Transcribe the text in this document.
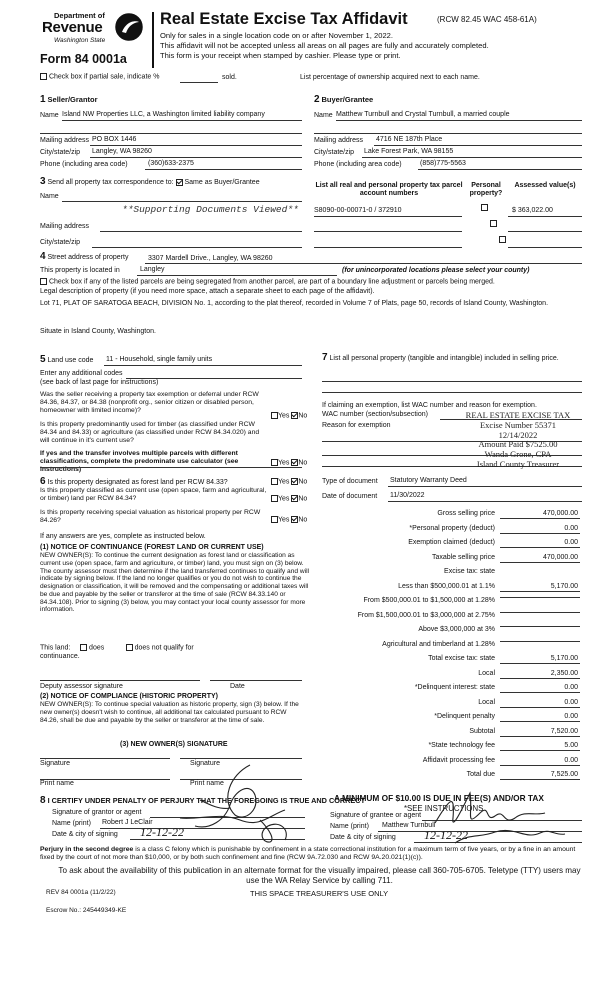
Department of
Revenue
Washington State
Form 84 0001a
Real Estate Excise Tax Affidavit	(RCW 82.45 WAC 458-61A)
Only for sales in a single location code on or after November 1, 2022.
This affidavit will not be accepted unless all areas on all pages are fully and accurately completed.
This form is your receipt when stamped by cashier. Please type or print.
Check box if partial sale, indicate %	sold.	List percentage of ownership acquired next to each name.
1 Seller/Grantor
Name Island NW Properties LLC, a Washington limited liability company
Mailing address PO BOX 1446
City/state/zip Langley, WA 98260
Phone (including area code)	(360)633-2375
2 Buyer/Grantee
Name Matthew Turnbull and Crystal Turnbull, a married couple
Mailing address 4716 NE 187th Place
City/state/zip Lake Forest Park, WA 98155
Phone (including area code)	(858)775-5563
3 Send all property tax correspondence to: Same as Buyer/Grantee
Name
**Supporting Documents Viewed**
Mailing address
City/state/zip
List all real and personal property tax parcel account numbers
Personal property?
Assessed value(s)
S8090-00-00071-0 / 372910
	$ 363,022.00

4 Street address of property	3307 Mardell Drive., Langley, WA 98260
This property is located in	Langley	(for unincorporated locations please select your county)
Check box if any of the listed parcels are being segregated from another parcel, are part of a boundary line adjustment or parcels being merged.
Legal description of property (if you need more space, attach a separate sheet to each page of the affidavit).
Lot 71, PLAT OF SARATOGA BEACH, DIVISION No. 1, according to the plat thereof, recorded in Volume 7 of Plats, page 50, records of Island County, Washington.
Situate in Island County, Washington.
5 Land use code 11 - Household, single family units
Enter any additional codes
(see back of last page for instructions)
Was the seller receiving a property tax exemption or deferral under RCW 84.36, 84.37, or 84.38 (nonprofit org., senior citizen or disabled person, homeowner with limited income)?
Yes No
Is this property predominantly used for timber (as classified under RCW 84.34 and 84.33) or agriculture (as classified under RCW 84.34.020) and will continue in it's current use?
If yes and the transfer involves multiple parcels with different classifications, complete the predominate use calculator (see instructions)
Yes No
7 List all personal property (tangible and intangible) included in selling price.
If claiming an exemption, list WAC number and reason for exemption.
WAC number (section/subsection)
Reason for exemption
REAL ESTATE EXCISE TAX
Excise Number 55371
12/14/2022
Amount Paid $7525.00
Wanda Grone, CPA
Island County Treasurer
6 Is this property designated as forest land per RCW 84.33?	Yes No
Is this property classified as current use (open space, farm and agricultural, or timber) land per RCW 84.34?	Yes No
Is this property receiving special valuation as historical property per RCW 84.26?	Yes No
If any answers are yes, complete as instructed below.
(1) NOTICE OF CONTINUANCE (FOREST LAND OR CURRENT USE)
NEW OWNER(S): To continue the current designation as forest land or classification as current use (open space, farm and agriculture, or timber) land, you must sign on (3) below. The county assessor must then determine if the land transferred continues to qualify and will indicate by signing below. If the land no longer qualifies or you do not wish to continue the designation or classification, it will be removed and the compensating or additional taxes will be due and payable by the seller or transferor at the time of sale (RCW 84.33.140 or 84.34.108). Prior to signing (3) below, you may contact your local county assessor for more information.
This land:	does	does not qualify for
continuance.
Deputy assessor signature	Date
(2) NOTICE OF COMPLIANCE (HISTORIC PROPERTY)
NEW OWNER(S): To continue special valuation as historic property, sign (3) below. If the new owner(s) doesn't wish to continue, all additional tax calculated pursuant to RCW 84.26, shall be due and payable by the seller or transferor at the time of sale.
(3) NEW OWNER(S) SIGNATURE
Signature	Signature
Print name	Print name
Type of document Statutory Warranty Deed
Date of document 11/30/2022
Gross selling price	470,000.00
*Personal property (deduct)	0.00
Exemption claimed (deduct)	0.00
Taxable selling price	470,000.00
Excise tax: state
Less than $500,000.01 at 1.1%	5,170.00
From $500,000.01 to $1,500,000 at 1.28%
From $1,500,000.01 to $3,000,000 at 2.75%
Above $3,000,000 at 3%
Agricultural and timberland at 1.28%
Total excise tax: state	5,170.00
Local	2,350.00
*Delinquent interest: state	0.00
Local	0.00
*Delinquent penalty	0.00
Subtotal	7,520.00
*State technology fee	5.00
Affidavit processing fee	0.00
Total due	7,525.00
A MINIMUM OF $10.00 IS DUE IN FEE(S) AND/OR TAX
*SEE INSTRUCTIONS
8 I CERTIFY UNDER PENALTY OF PERJURY THAT THE FOREGOING IS TRUE AND CORRECT
Signature of grantor or agent
Name (print) Robert J LeClair
Date & city of signing 12-12-22
Signature of grantee or agent
Name (print) Matthew Turnbull
Date & city of signing 12-12-22
Perjury in the second degree is a class C felony which is punishable by confinement in a state correctional institution for a maximum term of five years, or by a fine in an amount fixed by the court of not more than $10,000, or by both such confinement and fine (RCW 9A.72.030 and RCW 9A.20.021(1)(c)).
To ask about the availability of this publication in an alternate format for the visually impaired, please call 360-705-6705. Teletype (TTY) users may use the WA Relay Service by calling 711.
REV 84 0001a (11/2/22)	THIS SPACE TREASURER'S USE ONLY
Escrow No.: 245449349-KE
